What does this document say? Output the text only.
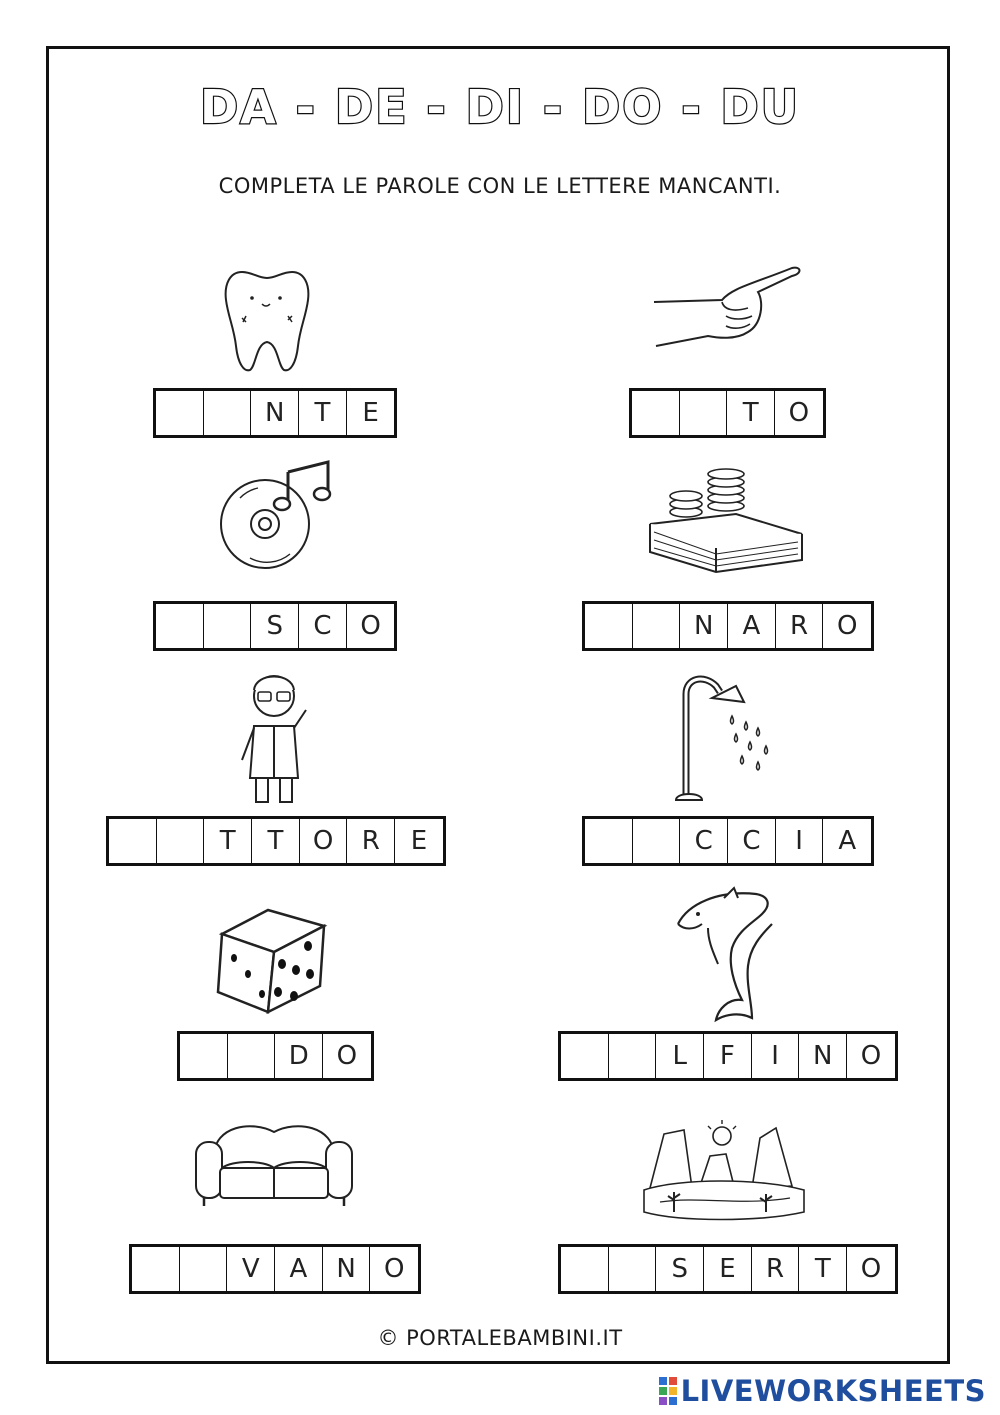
DA - DE - DI - DO - DU
COMPLETA LE PAROLE CON LE LETTERE MANCANTI.
N	T	E	T	O
S	C	O	N	A	R	O
T	T	O	R	E	C	C	I	A
D	O	L	F	I	N	O
V	A	N	O	S	E	R	T	O
© PORTALEBAMBINI.IT
LIVEWORKSHEETS
